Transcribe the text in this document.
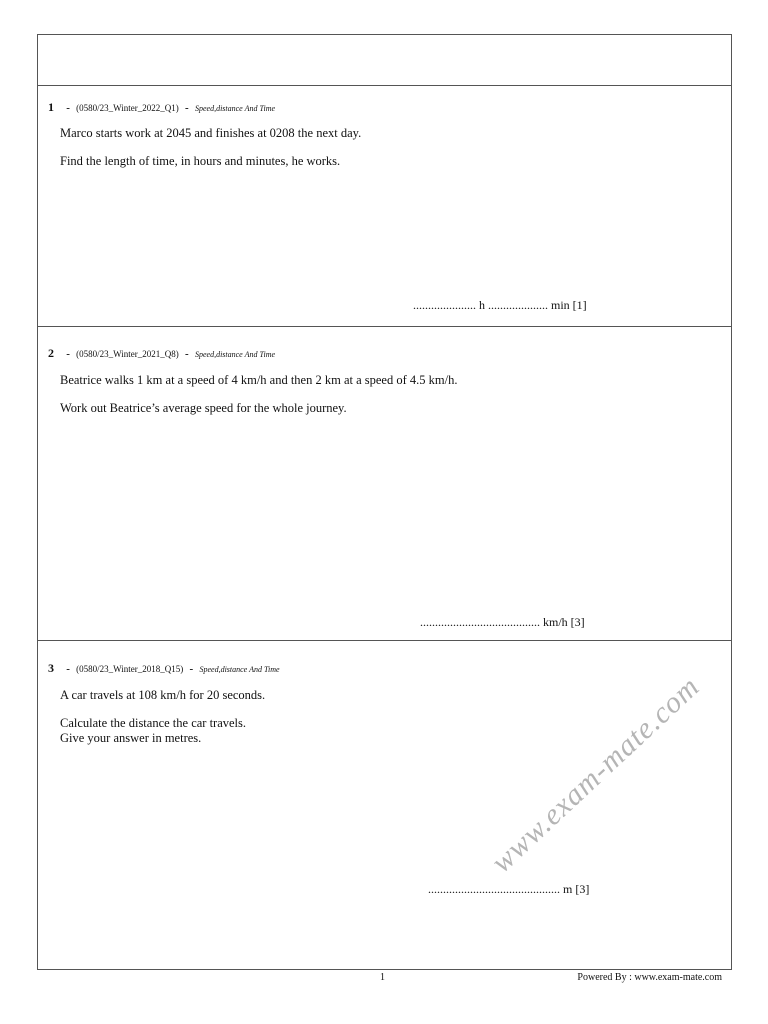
1 - (0580/23_Winter_2022_Q1) - Speed,distance And Time
Marco starts work at 2045 and finishes at 0208 the next day.
Find the length of time, in hours and minutes, he works.
..................... h .................... min [1]
2 - (0580/23_Winter_2021_Q8) - Speed,distance And Time
Beatrice walks 1 km at a speed of 4 km/h and then 2 km at a speed of 4.5 km/h.
Work out Beatrice’s average speed for the whole journey.
........................................ km/h [3]
3 - (0580/23_Winter_2018_Q15) - Speed,distance And Time
A car travels at 108 km/h for 20 seconds.
Calculate the distance the car travels.
Give your answer in metres.
............................................ m [3]
www.exam-mate.com
1	Powered By : www.exam-mate.com
